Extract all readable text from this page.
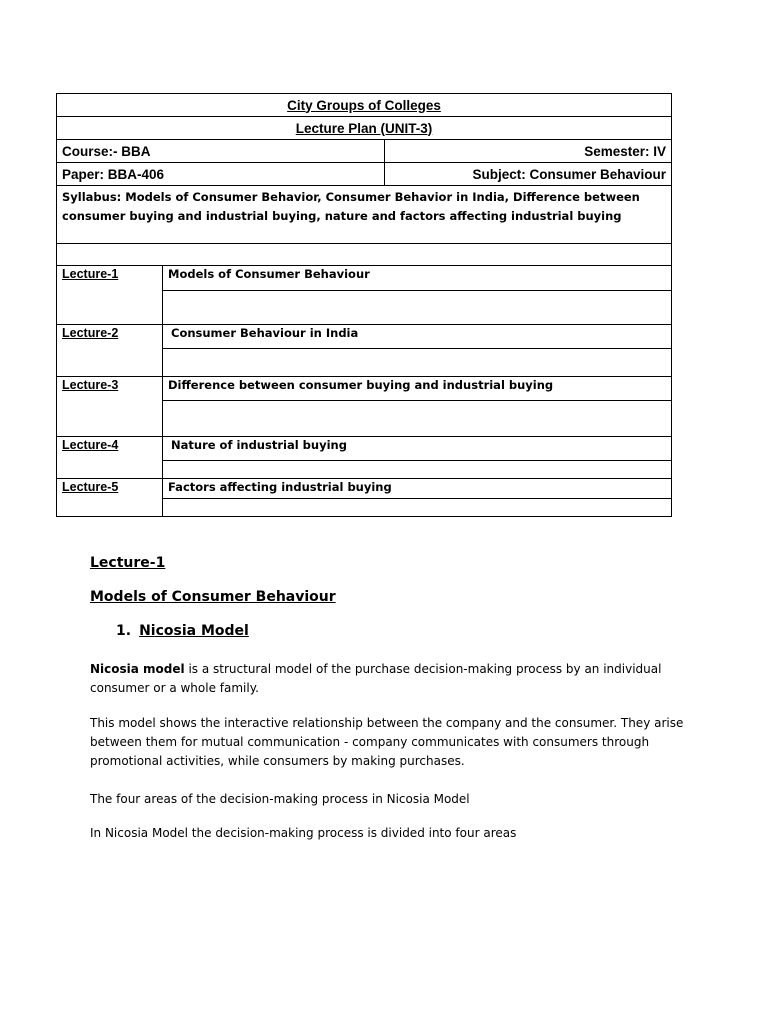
City Groups of Colleges		
Lecture Plan (UNIT-3)		
Course:- BBA		Semester: IV
Paper: BBA-406		Subject: Consumer Behaviour
Syllabus: Models of Consumer Behavior, Consumer Behavior in India, Difference between consumer buying and industrial buying, nature and factors affecting industrial buying		

Lecture-1	Models of Consumer Behaviour	

Lecture-2	Consumer Behaviour in India	

Lecture-3	Difference between consumer buying and industrial buying	

Lecture-4	Nature of industrial buying	

Lecture-5	Factors affecting industrial buying	

Lecture-1

Models of Consumer Behaviour

1. Nicosia Model

Nicosia model is a structural model of the purchase decision-making process by an individual consumer or a whole family.

This model shows the interactive relationship between the company and the consumer. They arise between them for mutual communication - company communicates with consumers through promotional activities, while consumers by making purchases.

The four areas of the decision-making process in Nicosia Model

In Nicosia Model the decision-making process is divided into four areas
